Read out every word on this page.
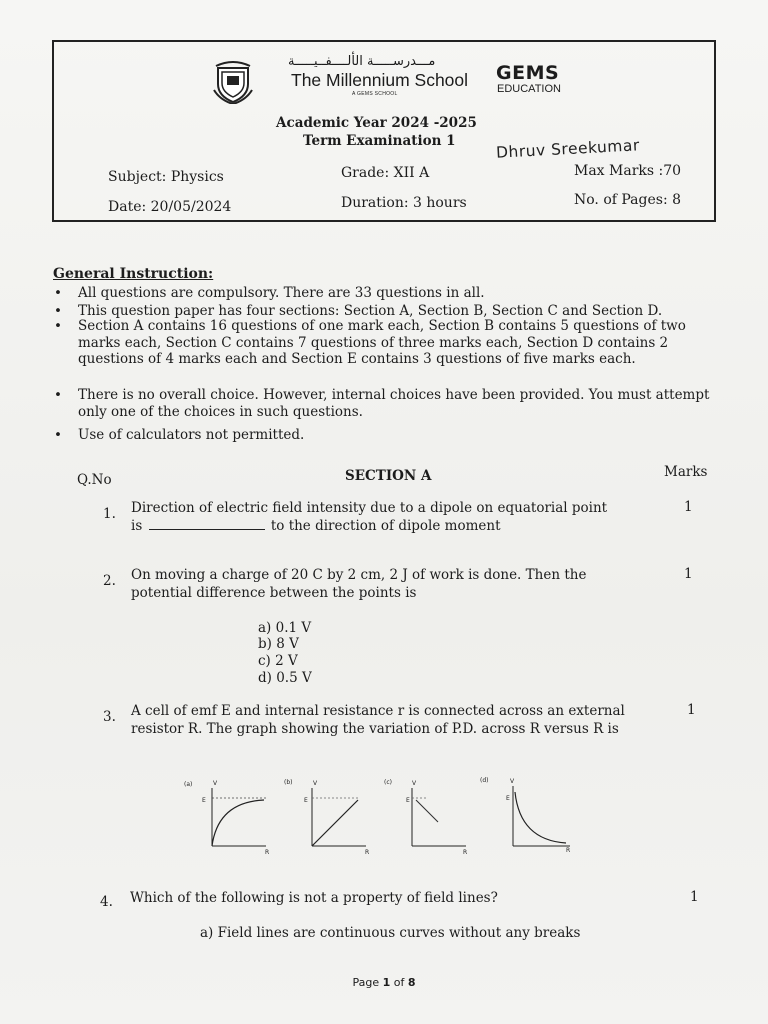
مـــدرســـــة الألــــفــيـــــة
The Millennium School
A GEMS SCHOOL
GEMS
EDUCATION
Academic Year 2024 -2025
Term Examination 1	Dhruv Sreekumar
Subject: Physics	Grade: XII A	Max Marks :70
Date: 20/05/2024	Duration: 3 hours	No. of Pages: 8
General Instruction:
• All questions are compulsory. There are 33 questions in all.
• This question paper has four sections: Section A, Section B, Section C and Section D.
• Section A contains 16 questions of one mark each, Section B contains 5 questions of two marks each, Section C contains 7 questions of three marks each, Section D contains 2 questions of 4 marks each and Section E contains 3 questions of five marks each.
• There is no overall choice. However, internal choices have been provided. You must attempt only one of the choices in such questions.
• Use of calculators not permitted.
Q.No	SECTION A	Marks
1. Direction of electric field intensity due to a dipole on equatorial point
is	to the direction of dipole moment
1
2. On moving a charge of 20 C by 2 cm, 2 J of work is done. Then the potential difference between the points is
1
a) 0.1 V
b) 8 V
c) 2 V
d) 0.5 V
3. A cell of emf E and internal resistance r is connected across an external resistor R. The graph showing the variation of P.D. across R versus R is
1
(a)	V
E
R
(b)	V
E
R
(c)	V
E
R
(d)	V
E
R
4. Which of the following is not a property of field lines?	1
a) Field lines are continuous curves without any breaks
Page 1 of 8
